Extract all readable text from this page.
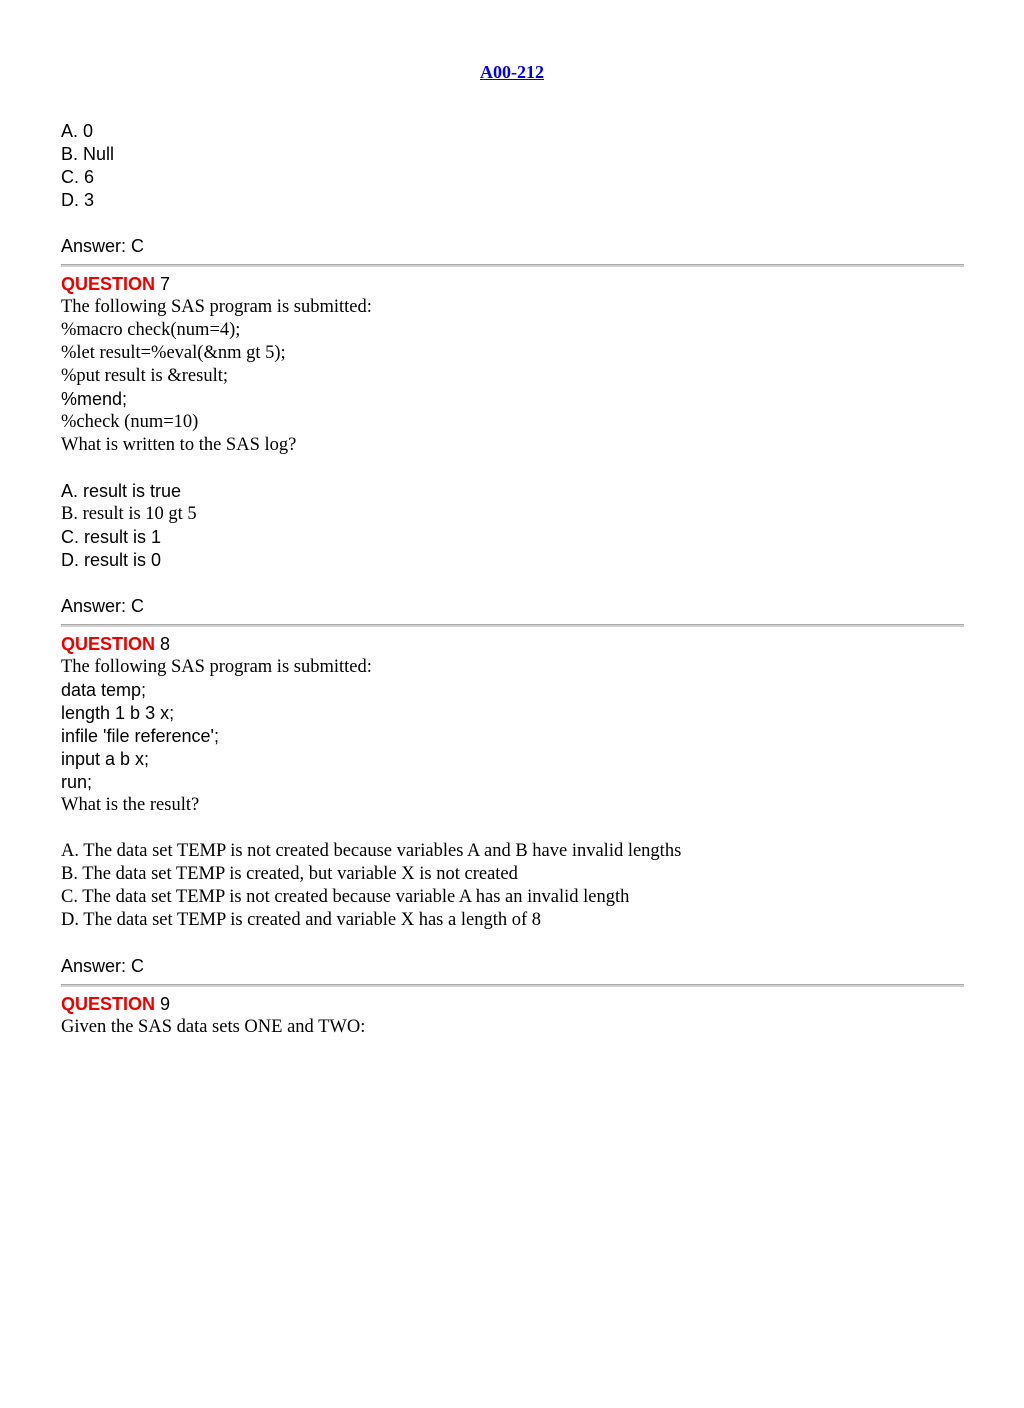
A00-212
A. 0
B. Null
C. 6
D. 3
Answer: C
QUESTION 7
The following SAS program is submitted:
%macro check(num=4);
%let result=%eval(&nm gt 5);
%put result is &result;
%mend;
%check (num=10)
What is written to the SAS log?
A. result is true
B. result is 10 gt 5
C. result is 1
D. result is 0
Answer: C
QUESTION 8
The following SAS program is submitted:
data temp;
length 1 b 3 x;
infile 'file reference';
input a b x;
run;
What is the result?
A. The data set TEMP is not created because variables A and B have invalid lengths
B. The data set TEMP is created, but variable X is not created
C. The data set TEMP is not created because variable A has an invalid length
D. The data set TEMP is created and variable X has a length of 8
Answer: C
QUESTION 9
Given the SAS data sets ONE and TWO:
